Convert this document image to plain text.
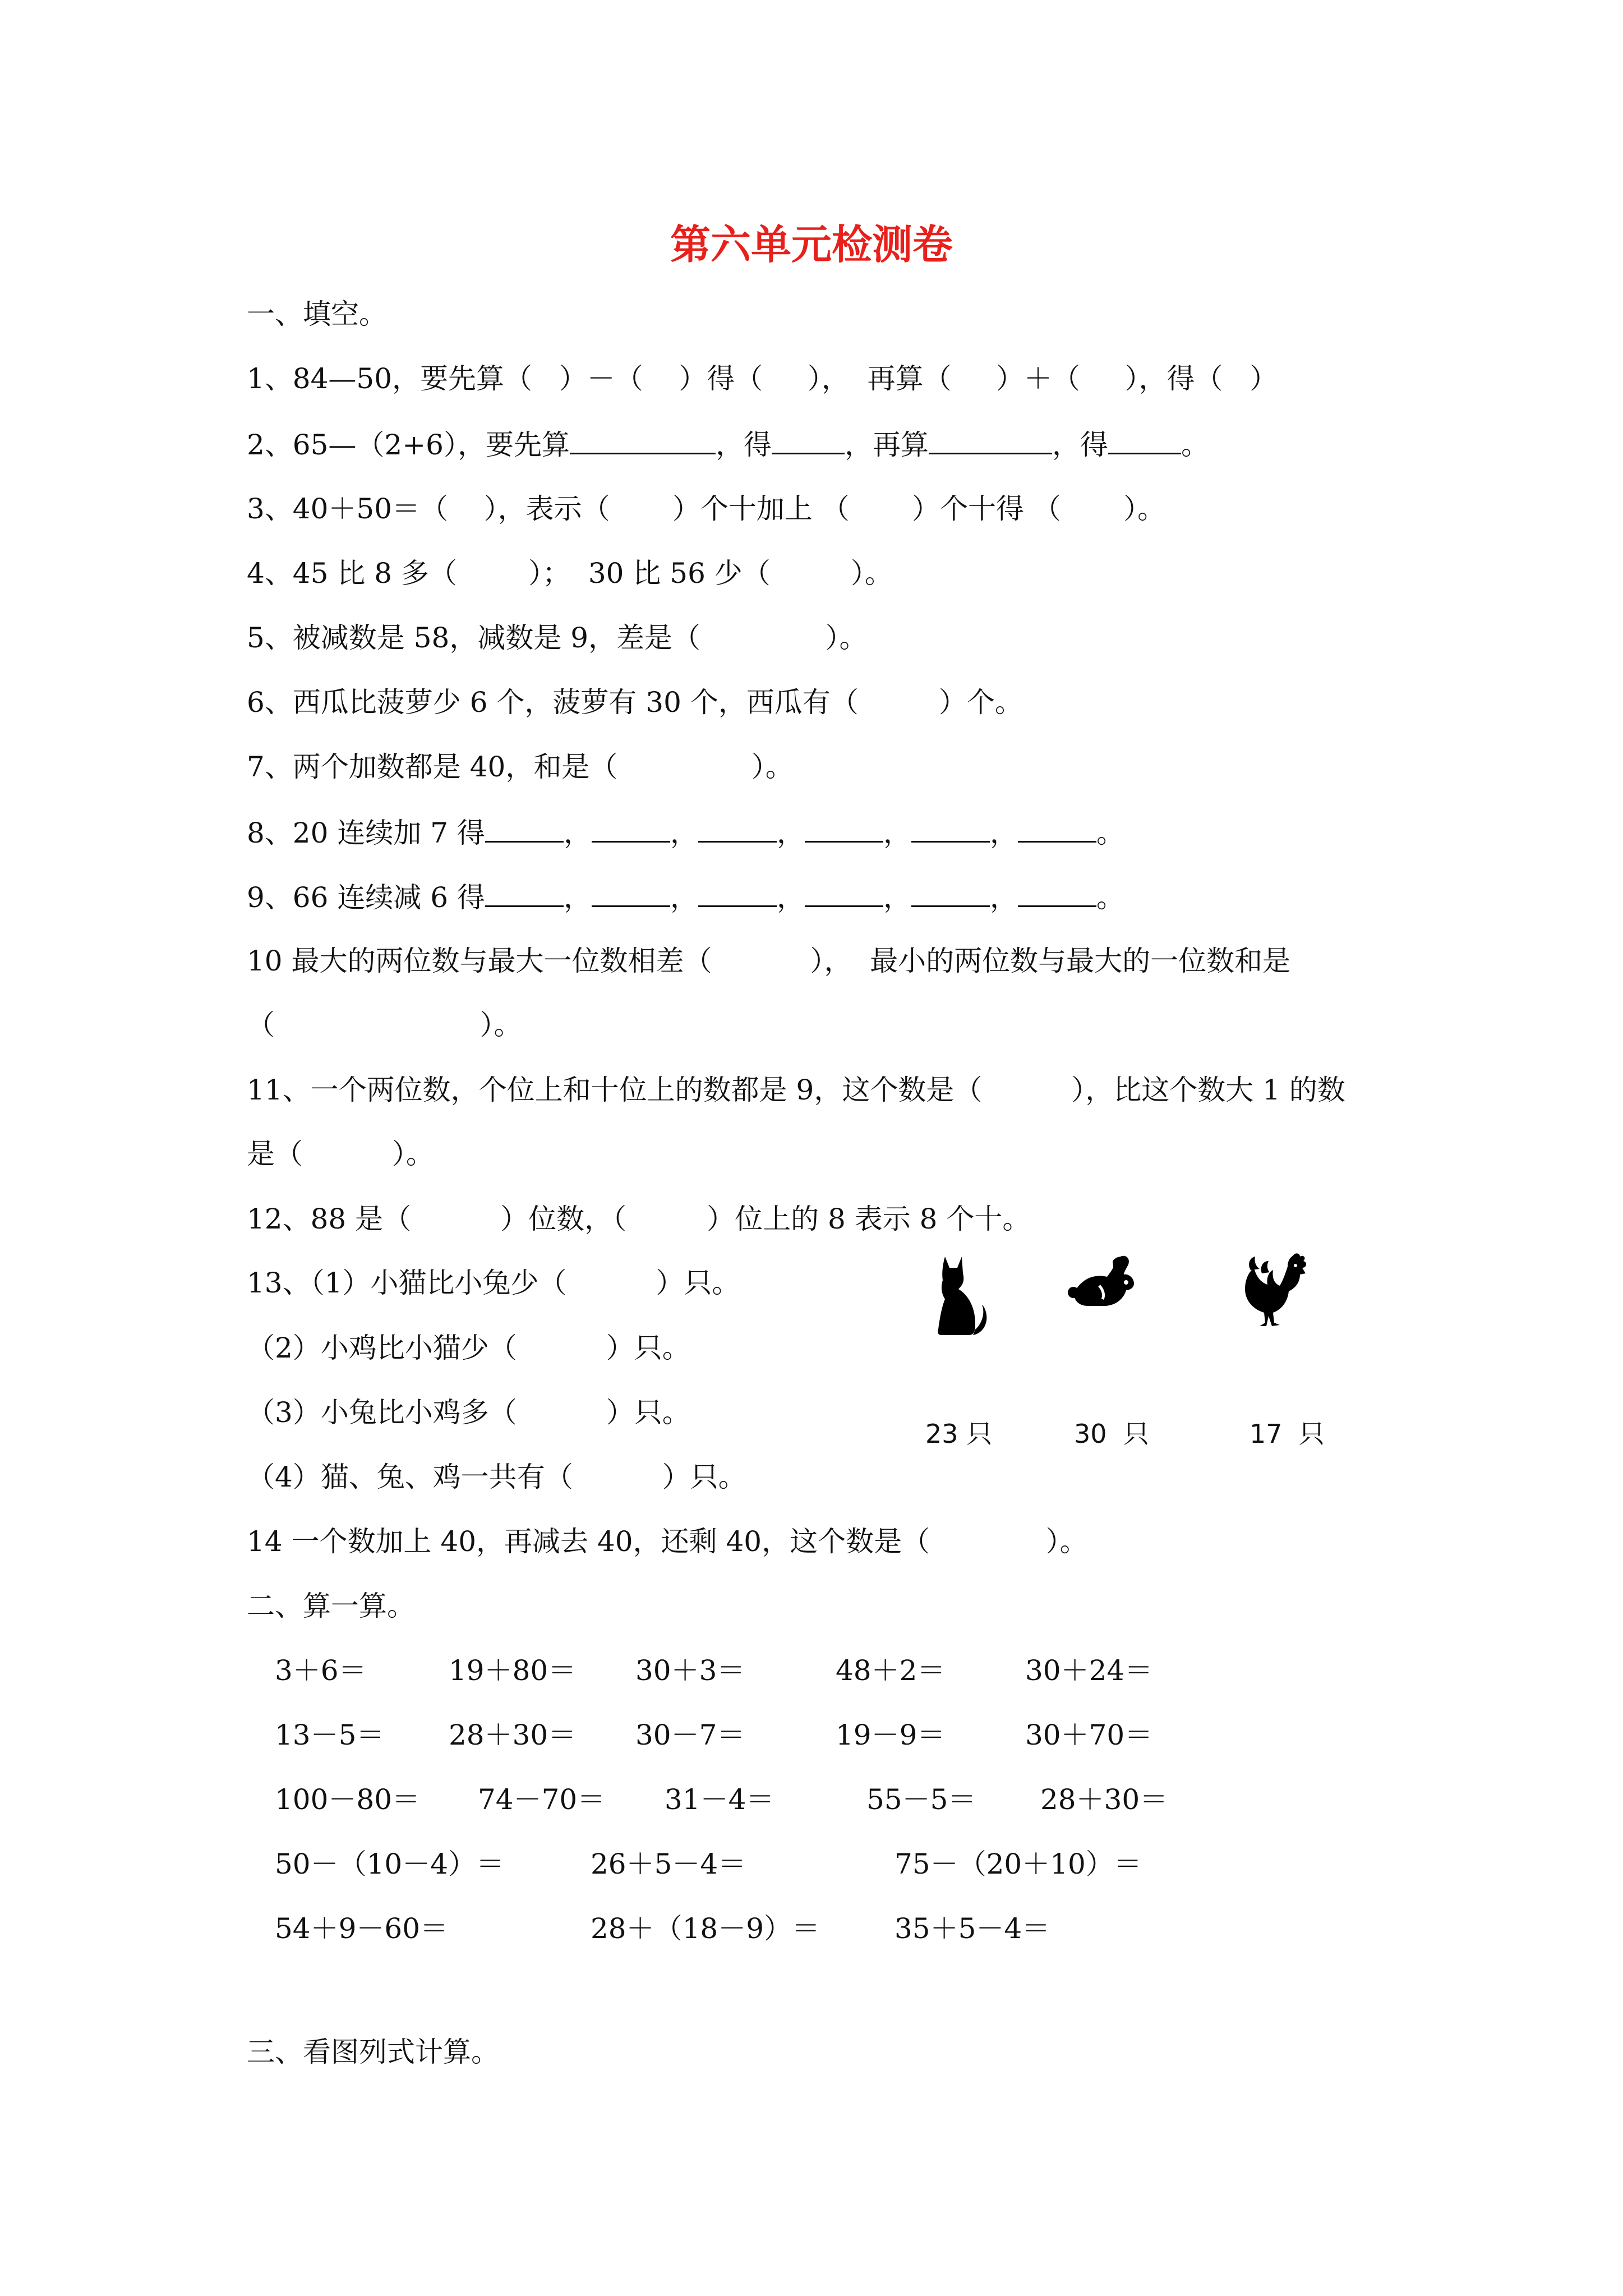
第六单元检测卷
一、填空。
1、84—50，要先算（   ）－（    ）得（     ），  再算（     ）＋（     ），得（   ）
2、65—（2+6），要先算	，得	，再算	，得	。
3、40＋50＝（    ），表示（       ）个十加上 （       ）个十得 （       ）。
4、45 比 8 多（        ）；  30 比 56 少（         ）。
5、被减数是 58，减数是 9，差是（              ）。
6、西瓜比菠萝少 6 个，菠萝有 30 个，西瓜有（         ）个。
7、两个加数都是 40，和是（               ）。
8、20 连续加 7 得	，	，	，	，	，	。
9、66 连续减 6 得	，	，	，	，	，	。
10 最大的两位数与最大一位数相差（           ），  最小的两位数与最大的一位数和是
（                       ）。
11、一个两位数，个位上和十位上的数都是 9，这个数是（          ），比这个数大 1 的数
是（          ）。
12、88 是（          ）位数，（         ）位上的 8 表示 8 个十。
13、（1）小猫比小兔少（          ）只。
（2）小鸡比小猫少（          ）只。
（3）小兔比小鸡多（          ）只。
（4）猫、兔、鸡一共有（          ）只。
14 一个数加上 40，再减去 40，还剩 40，这个数是（             ）。
23 只	30  只	17  只
二、算一算。
3＋6＝	19＋80＝ 30＋3＝	48＋2＝	30＋24＝
13－5＝ 28＋30＝ 30－7＝	19－9＝	30＋70＝
100－80＝ 74－70＝ 31－4＝	55－5＝ 28＋30＝
50－（10－4）＝	26＋5－4＝	75－（20＋10）＝
54＋9－60＝	28＋（18－9）＝	35＋5－4＝
三、看图列式计算。
